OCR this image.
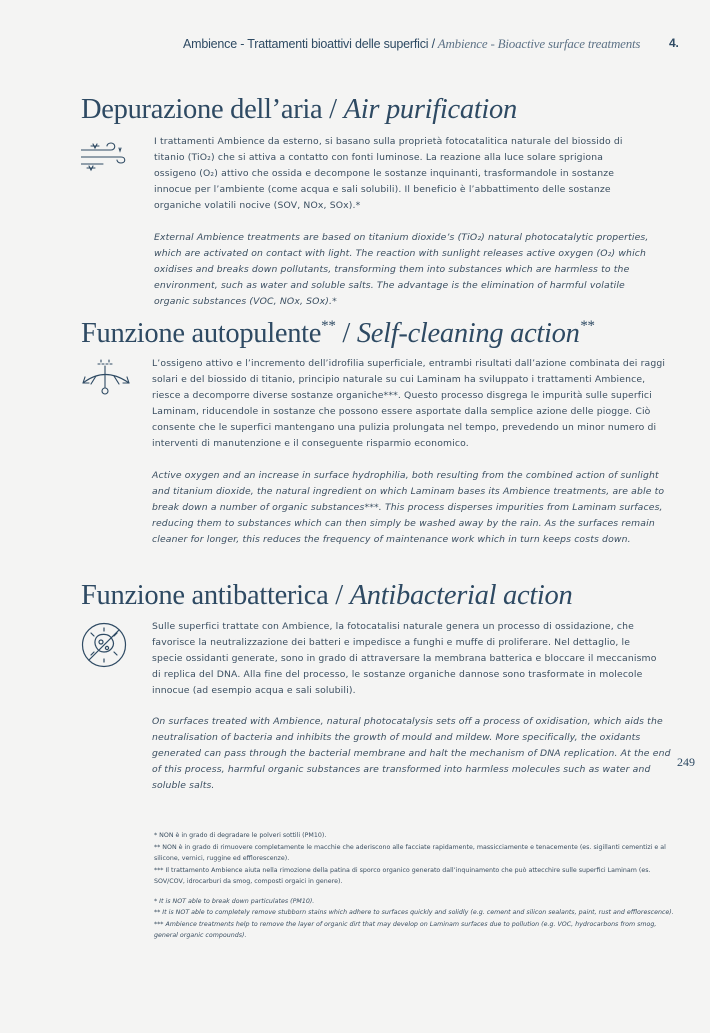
Ambience - Trattamenti bioattivi delle superfici / Ambience - Bioactive surface treatments 4.
Depurazione dell’aria / Air purification

I trattamenti Ambience da esterno, si basano sulla proprietà fotocatalitica naturale del biossido di titanio (TiO₂) che si attiva a contatto con fonti luminose. La reazione alla luce solare sprigiona ossigeno (O₂) attivo che ossida e decompone le sostanze inquinanti, trasformandole in sostanze innocue per l’ambiente (come acqua e sali solubili). Il beneficio è l’abbattimento delle sostanze organiche volatili nocive (SOV, NOx, SOx).*

External Ambience treatments are based on titanium dioxide’s (TiO₂) natural photocatalytic properties, which are activated on contact with light. The reaction with sunlight releases active oxygen (O₂) which oxidises and breaks down pollutants, transforming them into substances which are harmless to the environment, such as water and soluble salts. The advantage is the elimination of harmful volatile organic substances (VOC, NOx, SOx).*

Funzione autopulente** / Self-cleaning action**

L’ossigeno attivo e l’incremento dell’idrofilia superficiale, entrambi risultati dall’azione combinata dei raggi solari e del biossido di titanio, principio naturale su cui Laminam ha sviluppato i trattamenti Ambience, riesce a decomporre diverse sostanze organiche***. Questo processo disgrega le impurità sulle superfici Laminam, riducendole in sostanze che possono essere asportate dalla semplice azione delle piogge. Ciò consente che le superfici mantengano una pulizia prolungata nel tempo, prevedendo un minor numero di interventi di manutenzione e il conseguente risparmio economico.

Active oxygen and an increase in surface hydrophilia, both resulting from the combined action of sunlight and titanium dioxide, the natural ingredient on which Laminam bases its Ambience treatments, are able to break down a number of organic substances***. This process disperses impurities from Laminam surfaces, reducing them to substances which can then simply be washed away by the rain. As the surfaces remain cleaner for longer, this reduces the frequency of maintenance work which in turn keeps costs down.

Funzione antibatterica / Antibacterial action

Sulle superfici trattate con Ambience, la fotocatalisi naturale genera un processo di ossidazione, che favorisce la neutralizzazione dei batteri e impedisce a funghi e muffe di proliferare. Nel dettaglio, le specie ossidanti generate, sono in grado di attraversare la membrana batterica e bloccare il meccanismo di replica del DNA. Alla fine del processo, le sostanze organiche dannose sono trasformate in molecole innocue (ad esempio acqua e sali solubili).

On surfaces treated with Ambience, natural photocatalysis sets off a process of oxidisation, which aids the neutralisation of bacteria and inhibits the growth of mould and mildew. More specifically, the oxidants generated can pass through the bacterial membrane and halt the mechanism of DNA replication. At the end of this process, harmful organic substances are transformed into harmless molecules such as water and soluble salts.

249

* NON è in grado di degradare le polveri sottili (PM10).

** NON è in grado di rimuovere completamente le macchie che aderiscono alle facciate rapidamente, massicciamente e tenacemente (es. sigillanti cementizi e al silicone, vernici, ruggine ed efflorescenze).

*** Il trattamento Ambience aiuta nella rimozione della patina di sporco organico generato dall’inquinamento che può attecchire sulle superfici Laminam (es. SOV/COV, idrocarburi da smog, composti orgaici in genere).

* It is NOT able to break down particulates (PM10).

** It is NOT able to completely remove stubborn stains which adhere to surfaces quickly and solidly (e.g. cement and silicon sealants, paint, rust and efflorescence).

*** Ambience treatments help to remove the layer of organic dirt that may develop on Laminam surfaces due to pollution (e.g. VOC, hydrocarbons from smog, general organic compounds).
